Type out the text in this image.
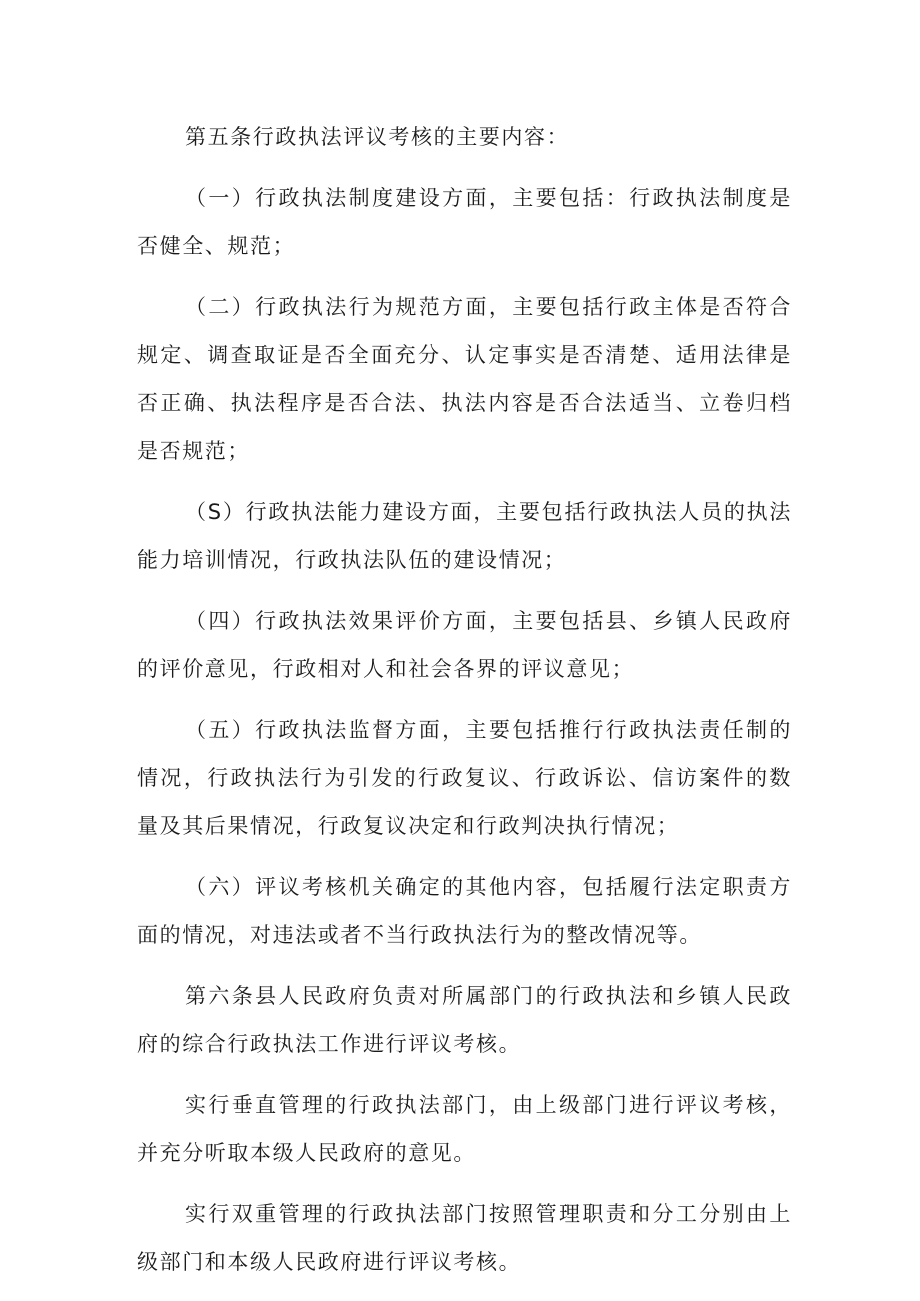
第五条行政执法评议考核的主要内容：

（一）行政执法制度建设方面，主要包括：行政执法制度是否健全、规范；

（二）行政执法行为规范方面，主要包括行政主体是否符合规定、调查取证是否全面充分、认定事实是否清楚、适用法律是否正确、执法程序是否合法、执法内容是否合法适当、立卷归档是否规范；

（S）行政执法能力建设方面，主要包括行政执法人员的执法能力培训情况，行政执法队伍的建设情况；

（四）行政执法效果评价方面，主要包括县、乡镇人民政府的评价意见，行政相对人和社会各界的评议意见；

（五）行政执法监督方面，主要包括推行行政执法责任制的情况，行政执法行为引发的行政复议、行政诉讼、信访案件的数量及其后果情况，行政复议决定和行政判决执行情况；

（六）评议考核机关确定的其他内容，包括履行法定职责方面的情况，对违法或者不当行政执法行为的整改情况等。

第六条县人民政府负责对所属部门的行政执法和乡镇人民政府的综合行政执法工作进行评议考核。

实行垂直管理的行政执法部门，由上级部门进行评议考核，并充分听取本级人民政府的意见。

实行双重管理的行政执法部门按照管理职责和分工分别由上级部门和本级人民政府进行评议考核。
